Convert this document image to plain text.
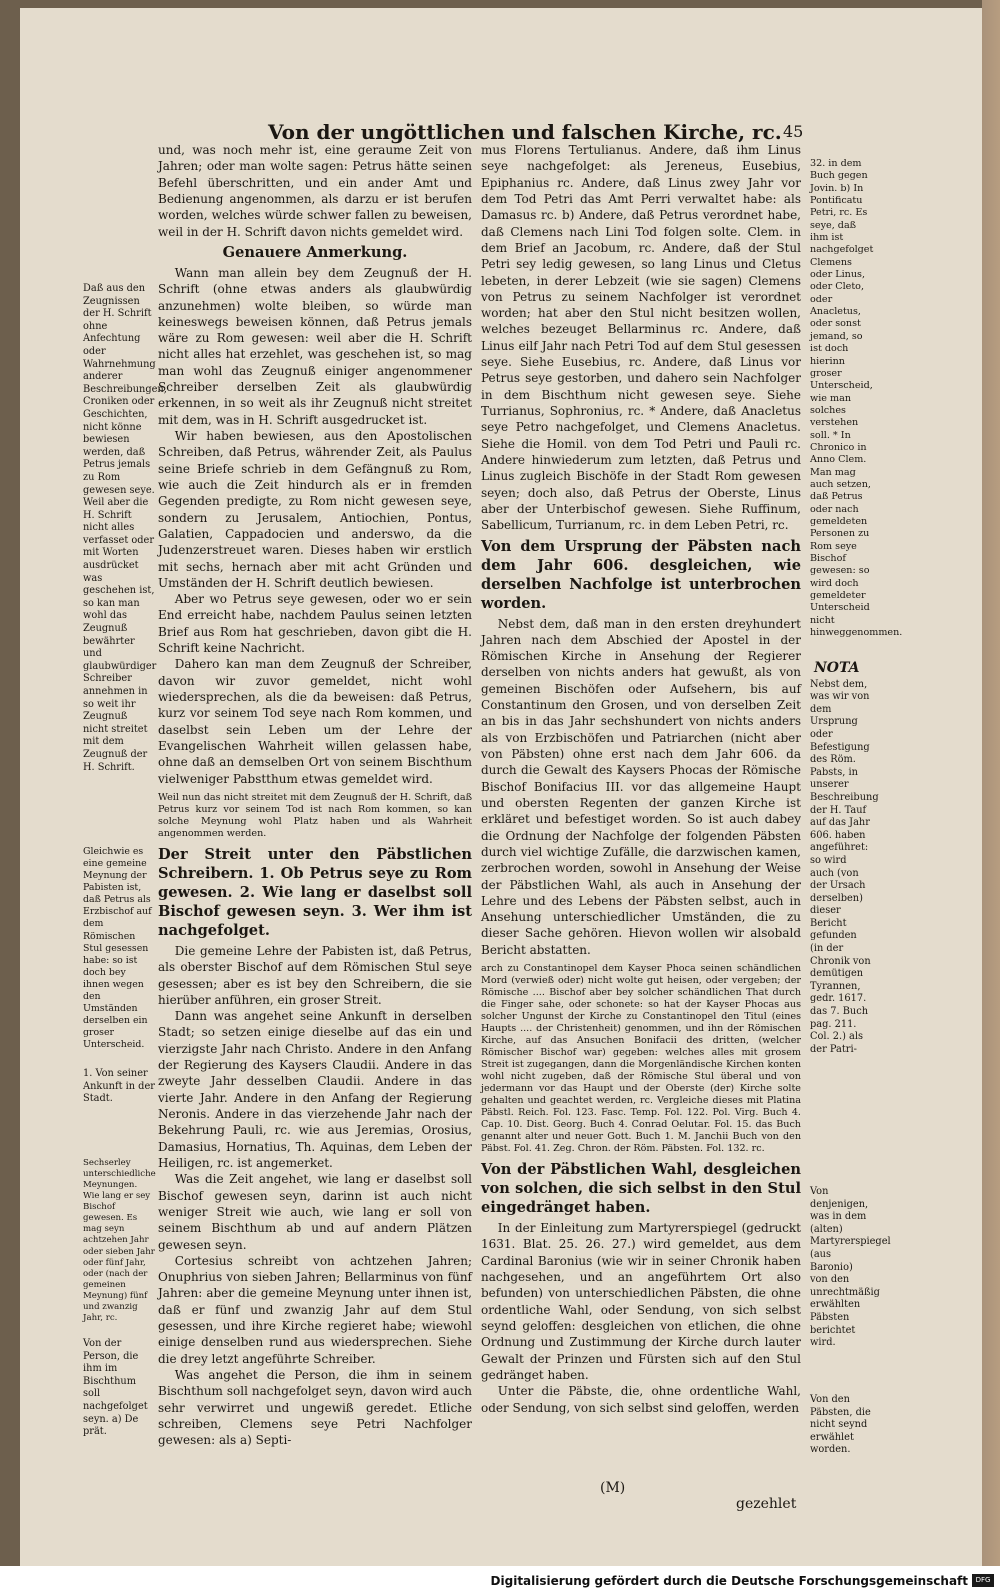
Von der ungöttlichen und falschen Kirche, rc. 45

Daß aus den Zeugnissen der H. Schrift ohne Anfechtung oder Wahrnehmung anderer Beschreibungen, Croniken oder Geschichten, nicht könne bewiesen werden, daß Petrus jemals zu Rom gewesen seye. Weil aber die H. Schrift nicht alles verfasset oder mit Worten ausdrücket was geschehen ist, so kan man wohl das Zeugnuß bewährter und glaubwürdiger Schreiber annehmen in so weit ihr Zeugnuß nicht streitet mit dem Zeugnuß der H. Schrift.

Gleichwie es eine gemeine Meynung der Pabisten ist, daß Petrus als Erzbischof auf dem Römischen Stul gesessen habe: so ist doch bey ihnen wegen den Umständen derselben ein groser Unterscheid.

1. Von seiner Ankunft in der Stadt.

Sechserley unterschiedliche Meynungen. Wie lang er sey Bischof gewesen. Es mag seyn achtzehen Jahr oder sieben Jahr oder fünf Jahr, oder (nach der gemeinen Meynung) fünf und zwanzig Jahr, rc.

Von der Person, die ihm im Bischthum soll nachgefolget seyn. a) De prät.

und, was noch mehr ist, eine geraume Zeit von Jahren; oder man wolte sagen: Petrus hätte seinen Befehl überschritten, und ein ander Amt und Bedienung angenommen, als darzu er ist berufen worden, welches würde schwer fallen zu beweisen, weil in der H. Schrift davon nichts gemeldet wird.

Genauere Anmerkung.

Wann man allein bey dem Zeugnuß der H. Schrift (ohne etwas anders als glaubwürdig anzunehmen) wolte bleiben, so würde man keineswegs beweisen können, daß Petrus jemals wäre zu Rom gewesen: weil aber die H. Schrift nicht alles hat erzehlet, was geschehen ist, so mag man wohl das Zeugnuß einiger angenommener Schreiber derselben Zeit als glaubwürdig erkennen, in so weit als ihr Zeugnuß nicht streitet mit dem, was in H. Schrift ausgedrucket ist.

Wir haben bewiesen, aus den Apostolischen Schreiben, daß Petrus, währender Zeit, als Paulus seine Briefe schrieb in dem Gefängnuß zu Rom, wie auch die Zeit hindurch als er in fremden Gegenden predigte, zu Rom nicht gewesen seye, sondern zu Jerusalem, Antiochien, Pontus, Galatien, Cappadocien und anderswo, da die Judenzerstreuet waren. Dieses haben wir erstlich mit sechs, hernach aber mit acht Gründen und Umständen der H. Schrift deutlich bewiesen.

Aber wo Petrus seye gewesen, oder wo er sein End erreicht habe, nachdem Paulus seinen letzten Brief aus Rom hat geschrieben, davon gibt die H. Schrift keine Nachricht.

Dahero kan man dem Zeugnuß der Schreiber, davon wir zuvor gemeldet, nicht wohl wiedersprechen, als die da beweisen: daß Petrus, kurz vor seinem Tod seye nach Rom kommen, und daselbst sein Leben um der Lehre der Evangelischen Wahrheit willen gelassen habe, ohne daß an demselben Ort von seinem Bischthum vielweniger Pabstthum etwas gemeldet wird.

Weil nun das nicht streitet mit dem Zeugnuß der H. Schrift, daß Petrus kurz vor seinem Tod ist nach Rom kommen, so kan solche Meynung wohl Platz haben und als Wahrheit angenommen werden.

Der Streit unter den Päbstlichen Schreibern. 1. Ob Petrus seye zu Rom gewesen. 2. Wie lang er daselbst soll Bischof gewesen seyn. 3. Wer ihm ist nachgefolget.

Die gemeine Lehre der Pabisten ist, daß Petrus, als oberster Bischof auf dem Römischen Stul seye gesessen; aber es ist bey den Schreibern, die sie hierüber anführen, ein groser Streit.

Dann was angehet seine Ankunft in derselben Stadt; so setzen einige dieselbe auf das ein und vierzigste Jahr nach Christo. Andere in den Anfang der Regierung des Kaysers Claudii. Andere in das zweyte Jahr desselben Claudii. Andere in das vierte Jahr. Andere in den Anfang der Regierung Neronis. Andere in das vierzehende Jahr nach der Bekehrung Pauli, rc. wie aus Jeremias, Orosius, Damasius, Hornatius, Th. Aquinas, dem Leben der Heiligen, rc. ist angemerket.

Was die Zeit angehet, wie lang er daselbst soll Bischof gewesen seyn, darinn ist auch nicht weniger Streit wie auch, wie lang er soll von seinem Bischthum ab und auf andern Plätzen gewesen seyn.

Cortesius schreibt von achtzehen Jahren; Onuphrius von sieben Jahren; Bellarminus von fünf Jahren: aber die gemeine Meynung unter ihnen ist, daß er fünf und zwanzig Jahr auf dem Stul gesessen, und ihre Kirche regieret habe; wiewohl einige denselben rund aus wiedersprechen. Siehe die drey letzt angeführte Schreiber.

Was angehet die Person, die ihm in seinem Bischthum soll nachgefolget seyn, davon wird auch sehr verwirret und ungewiß geredet. Etliche schreiben, Clemens seye Petri Nachfolger gewesen: als a) Septi-

mus Florens Tertulianus. Andere, daß ihm Linus seye nachgefolget: als Jereneus, Eusebius, Epiphanius rc. Andere, daß Linus zwey Jahr vor dem Tod Petri das Amt Perri verwaltet habe: als Damasus rc. b) Andere, daß Petrus verordnet habe, daß Clemens nach Lini Tod folgen solte. Clem. in dem Brief an Jacobum, rc. Andere, daß der Stul Petri sey ledig gewesen, so lang Linus und Cletus lebeten, in derer Lebzeit (wie sie sagen) Clemens von Petrus zu seinem Nachfolger ist verordnet worden; hat aber den Stul nicht besitzen wollen, welches bezeuget Bellarminus rc. Andere, daß Linus eilf Jahr nach Petri Tod auf dem Stul gesessen seye. Siehe Eusebius, rc. Andere, daß Linus vor Petrus seye gestorben, und dahero sein Nachfolger in dem Bischthum nicht gewesen seye. Siehe Turrianus, Sophronius, rc. * Andere, daß Anacletus seye Petro nachgefolget, und Clemens Anacletus. Siehe die Homil. von dem Tod Petri und Pauli rc. Andere hinwiederum zum letzten, daß Petrus und Linus zugleich Bischöfe in der Stadt Rom gewesen seyen; doch also, daß Petrus der Oberste, Linus aber der Unterbischof gewesen. Siehe Ruffinum, Sabellicum, Turrianum, rc. in dem Leben Petri, rc.

Von dem Ursprung der Päbsten nach dem Jahr 606. desgleichen, wie derselben Nachfolge ist unterbrochen worden.

Nebst dem, daß man in den ersten dreyhundert Jahren nach dem Abschied der Apostel in der Römischen Kirche in Ansehung der Regierer derselben von nichts anders hat gewußt, als von gemeinen Bischöfen oder Aufsehern, bis auf Constantinum den Grosen, und von derselben Zeit an bis in das Jahr sechshundert von nichts anders als von Erzbischöfen und Patriarchen (nicht aber von Päbsten) ohne erst nach dem Jahr 606. da durch die Gewalt des Kaysers Phocas der Römische Bischof Bonifacius III. vor das allgemeine Haupt und obersten Regenten der ganzen Kirche ist erkläret und befestiget worden. So ist auch dabey die Ordnung der Nachfolge der folgenden Päbsten durch viel wichtige Zufälle, die darzwischen kamen, zerbrochen worden, sowohl in Ansehung der Weise der Päbstlichen Wahl, als auch in Ansehung der Lehre und des Lebens der Päbsten selbst, auch in Ansehung unterschiedlicher Umständen, die zu dieser Sache gehören. Hievon wollen wir alsobald Bericht abstatten.

arch zu Constantinopel dem Kayser Phoca seinen schändlichen Mord (verwieß oder) nicht wolte gut heisen, oder vergeben; der Römische .... Bischof aber bey solcher schändlichen That durch die Finger sahe, oder schonete: so hat der Kayser Phocas aus solcher Ungunst der Kirche zu Constantinopel den Titul (eines Haupts .... der Christenheit) genommen, und ihn der Römischen Kirche, auf das Ansuchen Bonifacii des dritten, (welcher Römischer Bischof war) gegeben: welches alles mit grosem Streit ist zugegangen, dann die Morgenländische Kirchen konten wohl nicht zugeben, daß der Römische Stul überal und von jedermann vor das Haupt und der Oberste (der) Kirche solte gehalten und geachtet werden, rc. Vergleiche dieses mit Platina Päbstl. Reich. Fol. 123. Fasc. Temp. Fol. 122. Pol. Virg. Buch 4. Cap. 10. Dist. Georg. Buch 4. Conrad Oelutar. Fol. 15. das Buch genannt alter und neuer Gott. Buch 1. M. Janchii Buch von den Päbst. Fol. 41. Zeg. Chron. der Röm. Päbsten. Fol. 132. rc.

Von der Päbstlichen Wahl, desgleichen von solchen, die sich selbst in den Stul eingedränget haben.

In der Einleitung zum Martyrerspiegel (gedruckt 1631. Blat. 25. 26. 27.) wird gemeldet, aus dem Cardinal Baronius (wie wir in seiner Chronik haben nachgesehen, und an angeführtem Ort also befunden) von unterschiedlichen Päbsten, die ohne ordentliche Wahl, oder Sendung, von sich selbst seynd geloffen: desgleichen von etlichen, die ohne Ordnung und Zustimmung der Kirche durch lauter Gewalt der Prinzen und Fürsten sich auf den Stul gedränget haben.

Unter die Päbste, die, ohne ordentliche Wahl, oder Sendung, von sich selbst sind geloffen, werden

32. in dem Buch gegen Jovin. b) In Pontificatu Petri, rc. Es seye, daß ihm ist nachgefolget Clemens oder Linus, oder Cleto, oder Anacletus, oder sonst jemand, so ist doch hierinn groser Unterscheid, wie man solches verstehen soll. * In Chronico in Anno Clem. Man mag auch setzen, daß Petrus oder nach gemeldeten Personen zu Rom seye Bischof gewesen: so wird doch gemeldeter Unterscheid nicht hinweggenommen.

NOTA

Nebst dem, was wir von dem Ursprung oder Befestigung des Röm. Pabsts, in unserer Beschreibung der H. Tauf auf das Jahr 606. haben angeführet: so wird auch (von der Ursach derselben) dieser Bericht gefunden (in der Chronik von demütigen Tyrannen, gedr. 1617. das 7. Buch pag. 211. Col. 2.) als der Patri-

Von denjenigen, was in dem (alten) Martyrerspiegel (aus Baronio) von den unrechtmäßig erwählten Päbsten berichtet wird.

Von den Päbsten, die nicht seynd erwählet worden.

(M)
gezehlet
Digitalisierung gefördert durch die Deutsche Forschungsgemeinschaft	DFG
